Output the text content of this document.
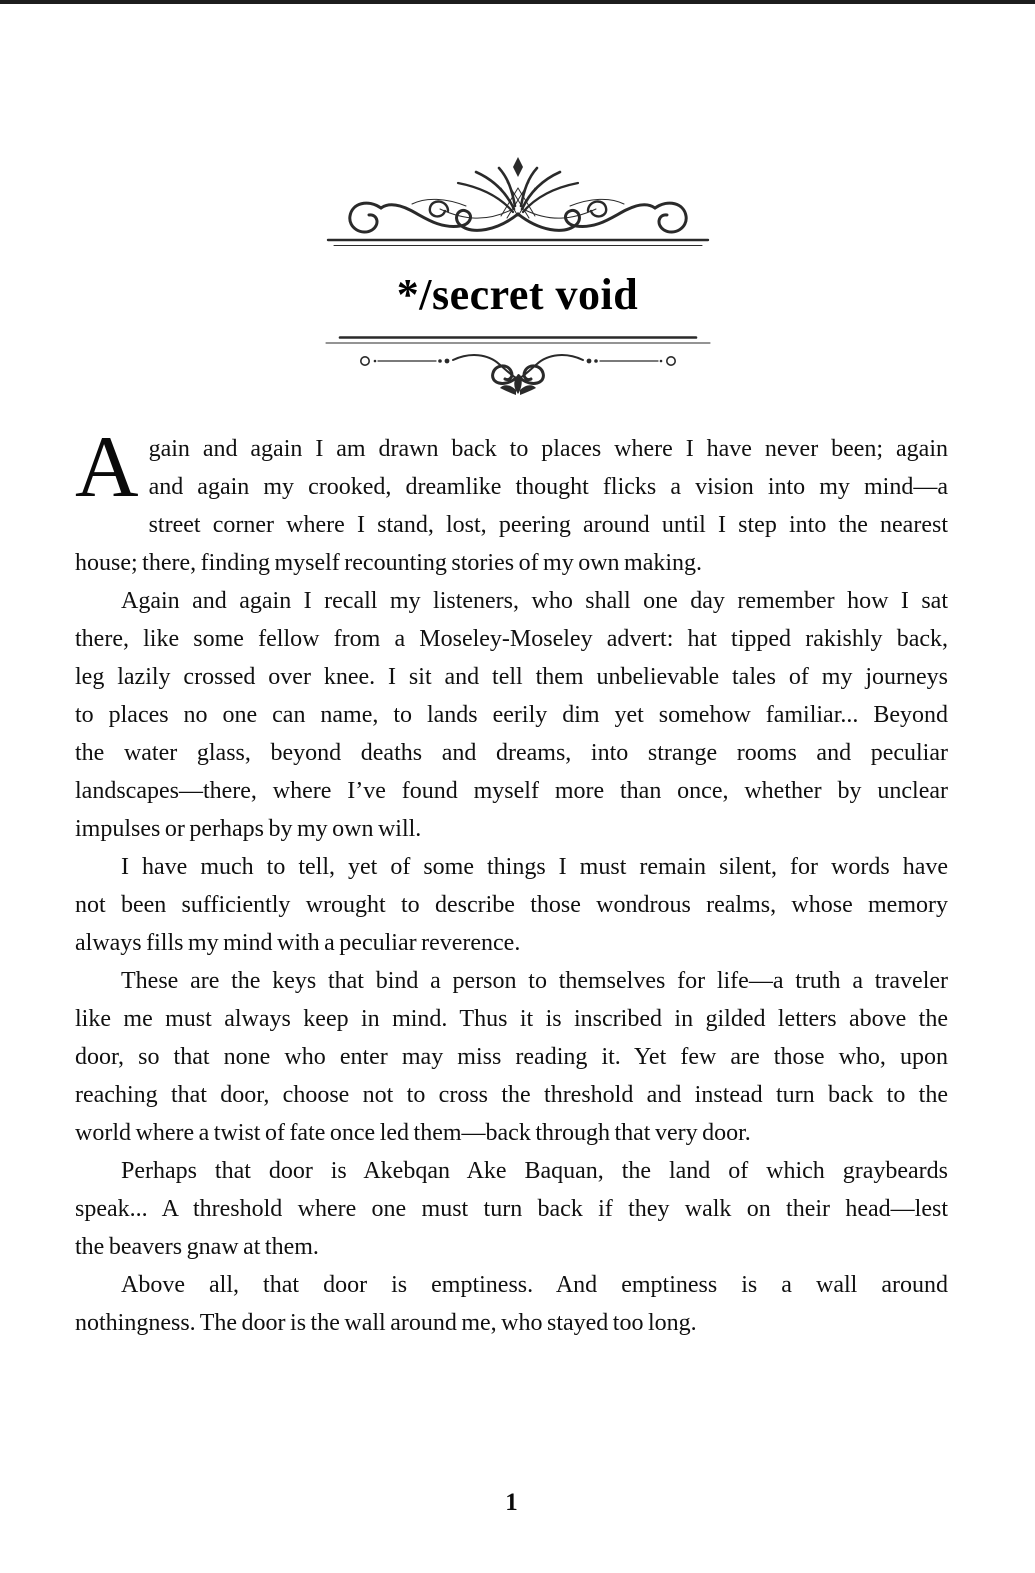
*/secret void
A gain and again I am drawn back to places where I have never been; again
and again my crooked, dreamlike thought flicks a vision into my mind—a
street corner where I stand, lost, peering around until I step into the nearest
house; there, finding myself recounting stories of my own making.
Again and again I recall my listeners, who shall one day remember how I sat
there, like some fellow from a Moseley-Moseley advert: hat tipped rakishly back,
leg lazily crossed over knee. I sit and tell them unbelievable tales of my journeys
to places no one can name, to lands eerily dim yet somehow familiar... Beyond
the water glass, beyond deaths and dreams, into strange rooms and peculiar
landscapes—there, where I’ve found myself more than once, whether by unclear
impulses or perhaps by my own will.
I have much to tell, yet of some things I must remain silent, for words have
not been sufficiently wrought to describe those wondrous realms, whose memory
always fills my mind with a peculiar reverence.
These are the keys that bind a person to themselves for life—a truth a traveler
like me must always keep in mind. Thus it is inscribed in gilded letters above the
door, so that none who enter may miss reading it. Yet few are those who, upon
reaching that door, choose not to cross the threshold and instead turn back to the
world where a twist of fate once led them—back through that very door.
Perhaps that door is Akebqan Ake Baquan, the land of which graybeards
speak... A threshold where one must turn back if they walk on their head—lest
the beavers gnaw at them.
Above all, that door is emptiness. And emptiness is a wall around
nothingness. The door is the wall around me, who stayed too long.
1
